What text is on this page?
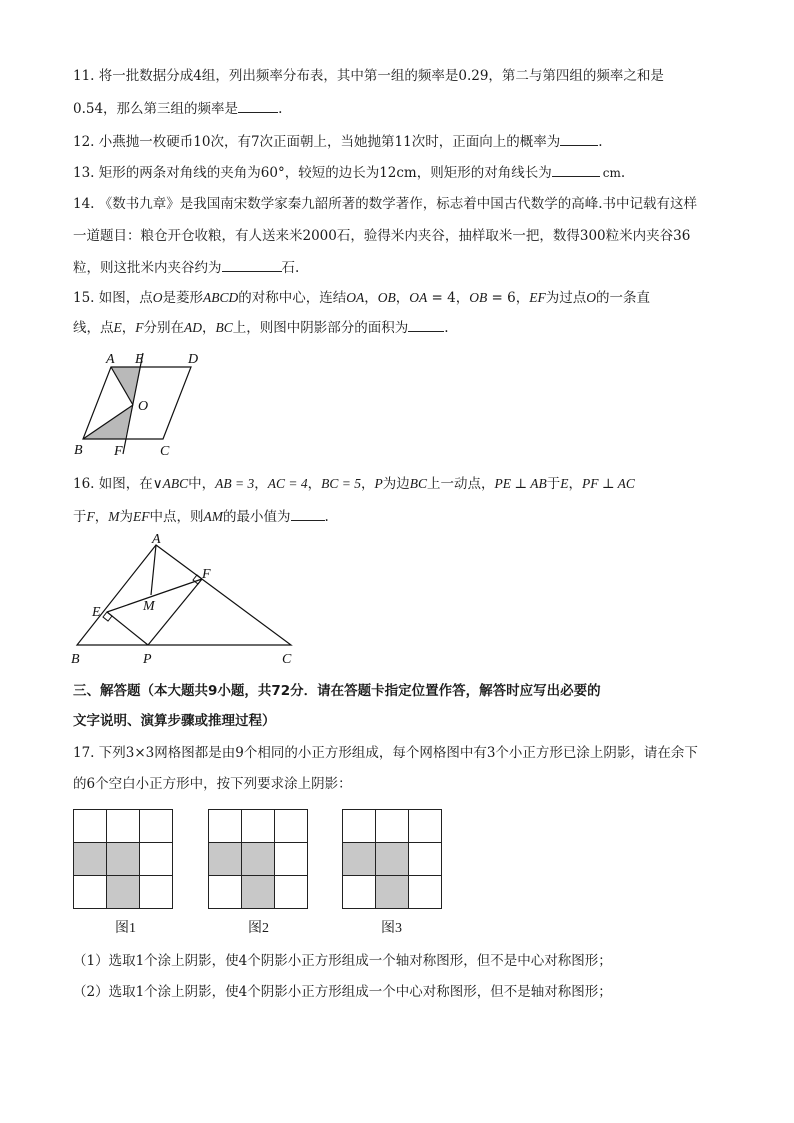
11. 将一批数据分成4组，列出频率分布表，其中第一组的频率是0.29，第二与第四组的频率之和是
0.54，那么第三组的频率是	.
12. 小燕抛一枚硬币10次，有7次正面朝上，当她抛第11次时，正面向上的概率为	.
13. 矩形的两条对角线的夹角为60°，较短的边长为12cm，则矩形的对角线长为	cm.
14. 《数书九章》是我国南宋数学家秦九韶所著的数学著作，标志着中国古代数学的高峰.书中记载有这样
一道题目：粮仓开仓收粮，有人送来米2000石，验得米内夹谷，抽样取米一把，数得300粒米内夹谷36
粒，则这批米内夹谷约为	石.
15. 如图，点O是菱形ABCD的对称中心，连结OA，OB，OA = 4，OB = 6，EF为过点O的一条直
线，点E，F分别在AD，BC上，则图中阴影部分的面积为	.
A E	D
O
B F	C
16. 如图，在∨ABC中，AB = 3，AC = 4，BC = 5，P为边BC上一动点，PE ⊥ AB于E，PF ⊥ AC
于F，M为EF中点，则AM的最小值为	.
A
F
E	M
B	P	C
三、解答题（本大题共9小题，共72分．请在答题卡指定位置作答，解答时应写出必要的
文字说明、演算步骤或推理过程）
17. 下列3×3网格图都是由9个相同的小正方形组成，每个网格图中有3个小正方形已涂上阴影，请在余下
的6个空白小正方形中，按下列要求涂上阴影：

图1	图2	图3
（1）选取1个涂上阴影，使4个阴影小正方形组成一个轴对称图形，但不是中心对称图形；
（2）选取1个涂上阴影，使4个阴影小正方形组成一个中心对称图形，但不是轴对称图形；
